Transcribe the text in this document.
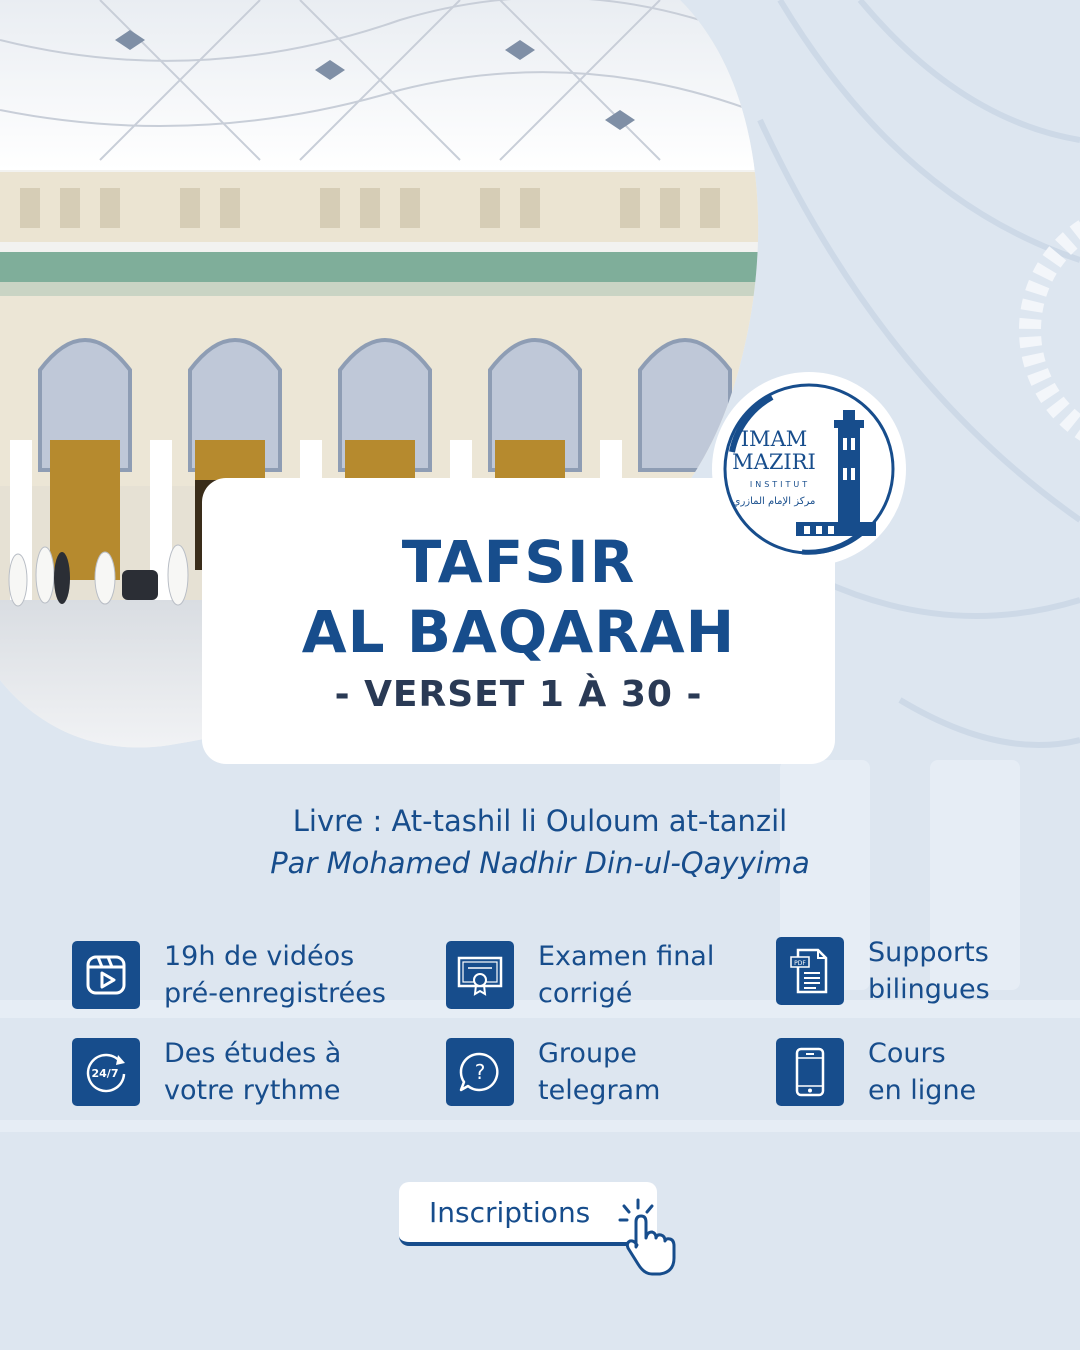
TAFSIR
AL BAQARAH
- VERSET 1 À 30 -
IMAM
MAZIRI
INSTITUT
مركز الإمام المازري
Livre : At-tashil li Ouloum at-tanzil
Par Mohamed Nadhir Din-ul-Qayyima
19h de vidéos
pré-enregistrées
Examen final
corrigé
PDF Supports
bilingues
24/7
Des études à
votre rythme
?
Groupe
telegram
Cours
en ligne
Inscriptions
